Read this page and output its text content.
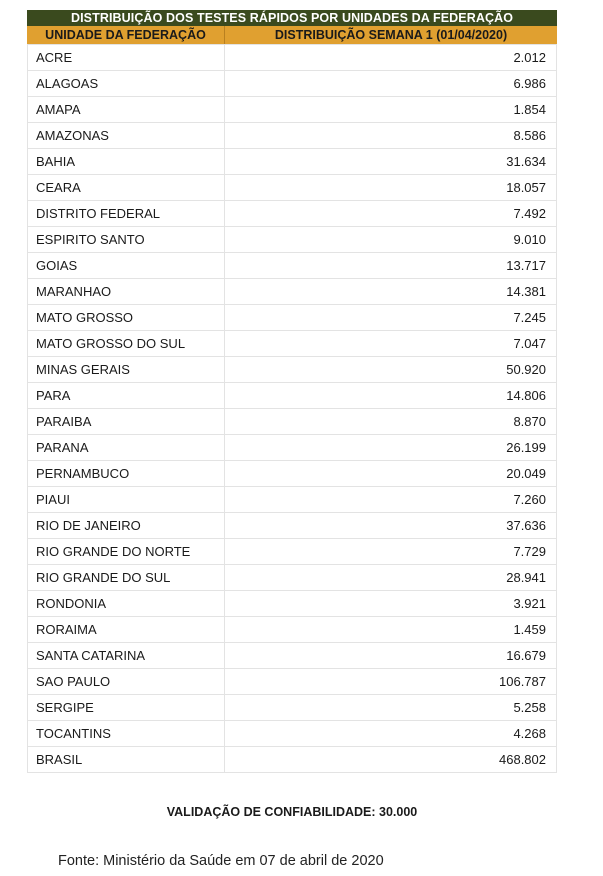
DISTRIBUIÇÃO DOS TESTES RÁPIDOS POR UNIDADES DA FEDERAÇÃO
UNIDADE DA FEDERAÇÃO	DISTRIBUIÇÃO SEMANA 1 (01/04/2020)
ACRE	2.012
ALAGOAS	6.986
AMAPA	1.854
AMAZONAS	8.586
BAHIA	31.634
CEARA	18.057
DISTRITO FEDERAL	7.492
ESPIRITO SANTO	9.010
GOIAS	13.717
MARANHAO	14.381
MATO GROSSO	7.245
MATO GROSSO DO SUL	7.047
MINAS GERAIS	50.920
PARA	14.806
PARAIBA	8.870
PARANA	26.199
PERNAMBUCO	20.049
PIAUI	7.260
RIO DE JANEIRO	37.636
RIO GRANDE DO NORTE	7.729
RIO GRANDE DO SUL	28.941
RONDONIA	3.921
RORAIMA	1.459
SANTA CATARINA	16.679
SAO PAULO	106.787
SERGIPE	5.258
TOCANTINS	4.268
BRASIL	468.802
VALIDAÇÃO DE CONFIABILIDADE: 30.000
Fonte: Ministério da Saúde em 07 de abril de 2020
